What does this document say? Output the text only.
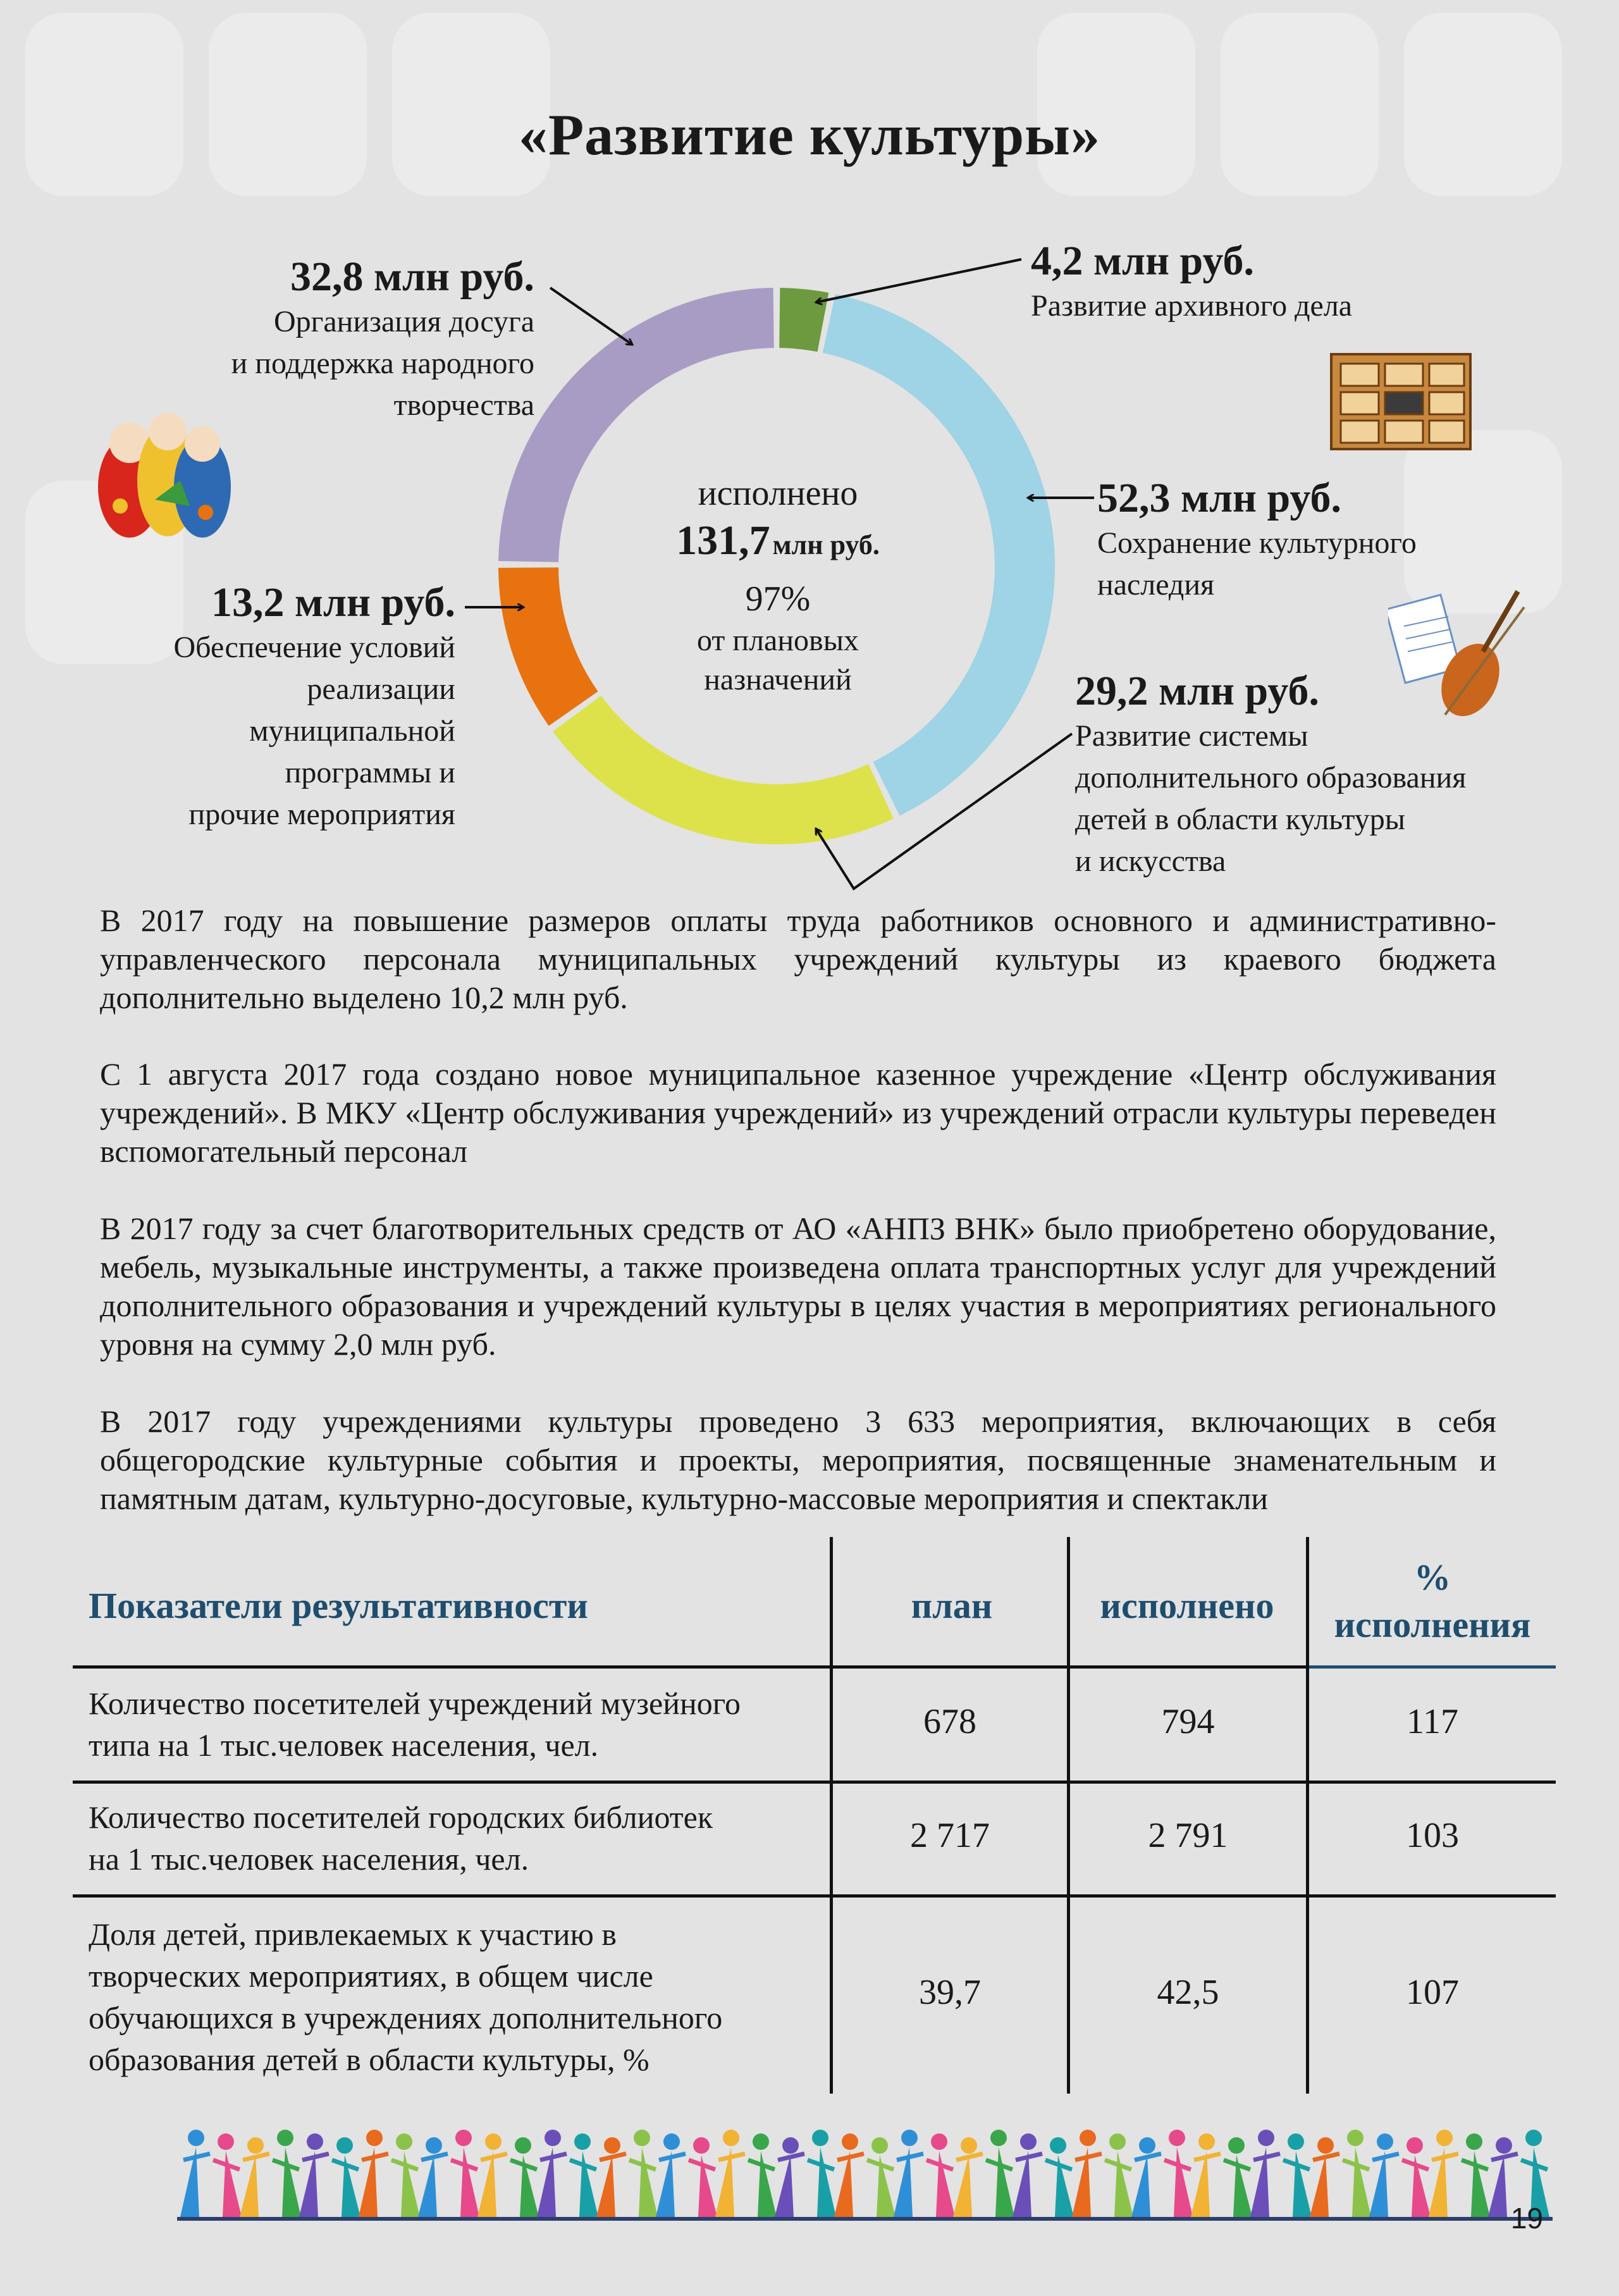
«Развитие культуры»
исполнено
131,7 млн руб.
97%
от плановых
назначений
32,8 млн руб.
Организация досуга
и поддержка народного
творчества
4,2 млн руб.
Развитие архивного дела
52,3 млн руб.
Сохранение культурного
наследия
13,2 млн руб.
Обеспечение условий
реализации
муниципальной
программы и
прочие мероприятия
29,2 млн руб.
Развитие системы
дополнительного образования
детей в области культуры
и искусства
В 2017 году на повышение размеров оплаты труда работников основного и административно-управленческого персонала муниципальных учреждений культуры из краевого бюджета дополнительно выделено 10,2 млн руб.
С 1 августа 2017 года создано новое муниципальное казенное учреждение «Центр обслуживания учреждений». В МКУ «Центр обслуживания учреждений» из учреждений отрасли культуры переведен вспомогательный персонал
В 2017 году за счет благотворительных средств от АО «АНПЗ ВНК» было приобретено оборудование, мебель, музыкальные инструменты, а также произведена оплата транспортных услуг для учреждений дополнительного образования и учреждений культуры в целях участия в мероприятиях регионального уровня на сумму 2,0 млн руб.
В 2017 году учреждениями культуры проведено 3 633 мероприятия, включающих в себя общегородские культурные события и проекты, мероприятия, посвященные знаменательным и памятным датам, культурно-досуговые, культурно-массовые мероприятия и спектакли
Показатели результативности	план	исполнено
%
исполнения
Количество посетителей учреждений музейного
типа на 1 тыс.человек населения, чел.
678	794	117
Количество посетителей городских библиотек
на 1 тыс.человек населения, чел.
2 717	2 791	103
Доля детей, привлекаемых к участию в
творческих мероприятиях, в общем числе
обучающихся в учреждениях дополнительного
образования детей в области культуры, %
39,7	42,5	107
19
